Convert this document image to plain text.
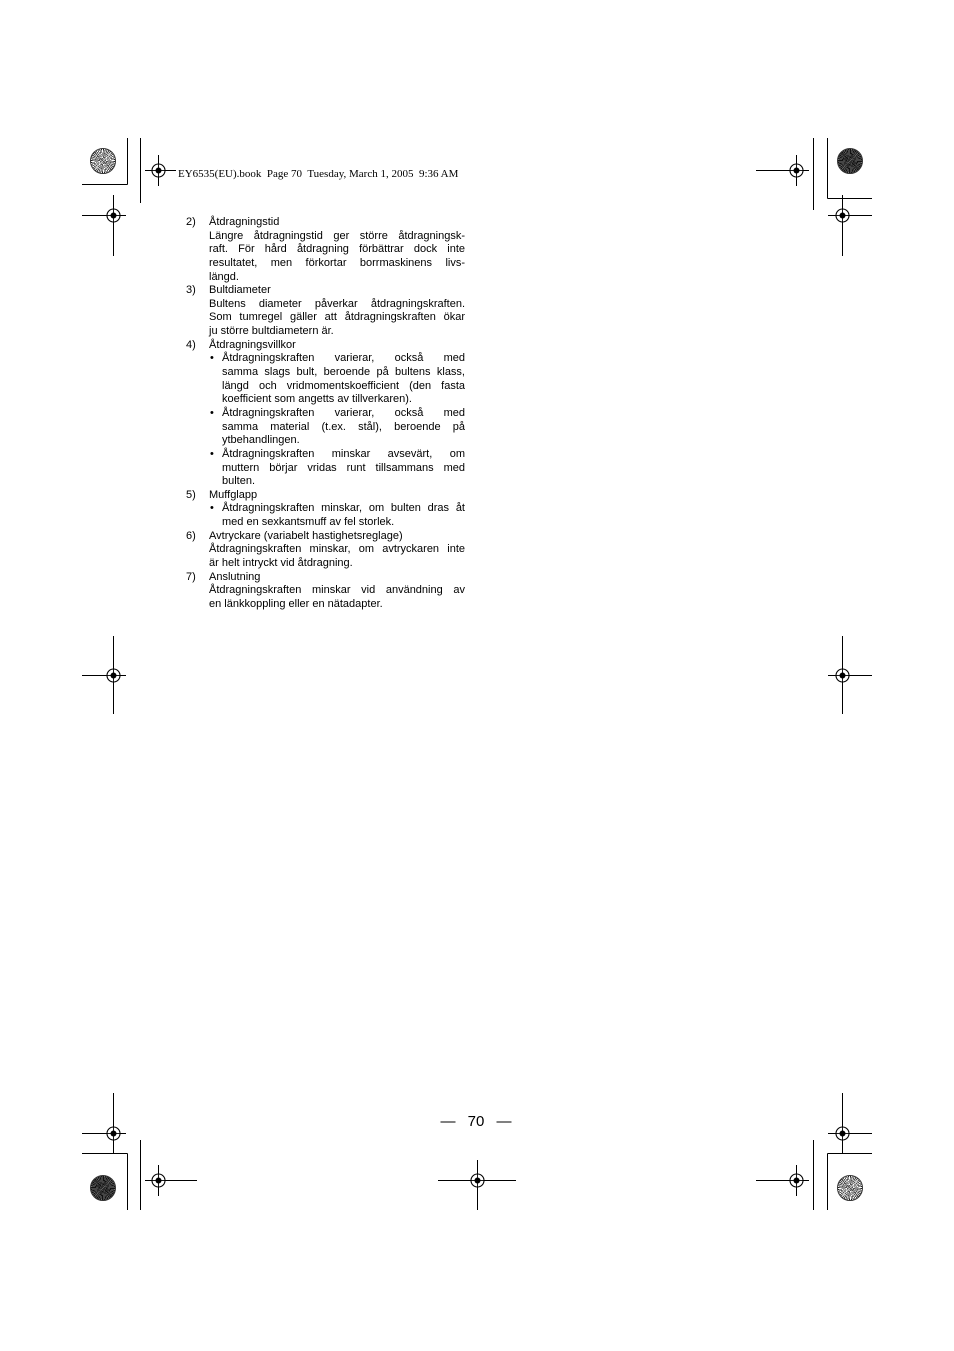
EY6535(EU).book  Page 70  Tuesday, March 1, 2005  9:36 AM
2)	Åtdragningstid
Längre åtdragningstid ger större åtdragningsk-
raft. För hård åtdragning förbättrar dock inte
resultatet, men förkortar borrmaskinens livs-
längd.
3)	Bultdiameter
Bultens diameter påverkar åtdragningskraften.
Som tumregel gäller att åtdragningskraften ökar
ju större bultdiametern är.
4)	Åtdragningsvillkor
• Åtdragningskraften varierar, också med
samma slags bult, beroende på bultens klass,
längd och vridmomentskoefficient (den fasta
koefficient som angetts av tillverkaren).
• Åtdragningskraften varierar, också med
samma material (t.ex. stål), beroende på
ytbehandlingen.
• Åtdragningskraften minskar avsevärt, om
muttern börjar vridas runt tillsammans med
bulten.
5)	Muffglapp
• Åtdragningskraften minskar, om bulten dras åt
med en sexkantsmuff av fel storlek.
6)	Avtryckare (variabelt hastighetsreglage)
Åtdragningskraften minskar, om avtryckaren inte
är helt intryckt vid åtdragning.
7)	Anslutning
Åtdragningskraften minskar vid användning av
en länkkoppling eller en nätadapter.
— 70 —
